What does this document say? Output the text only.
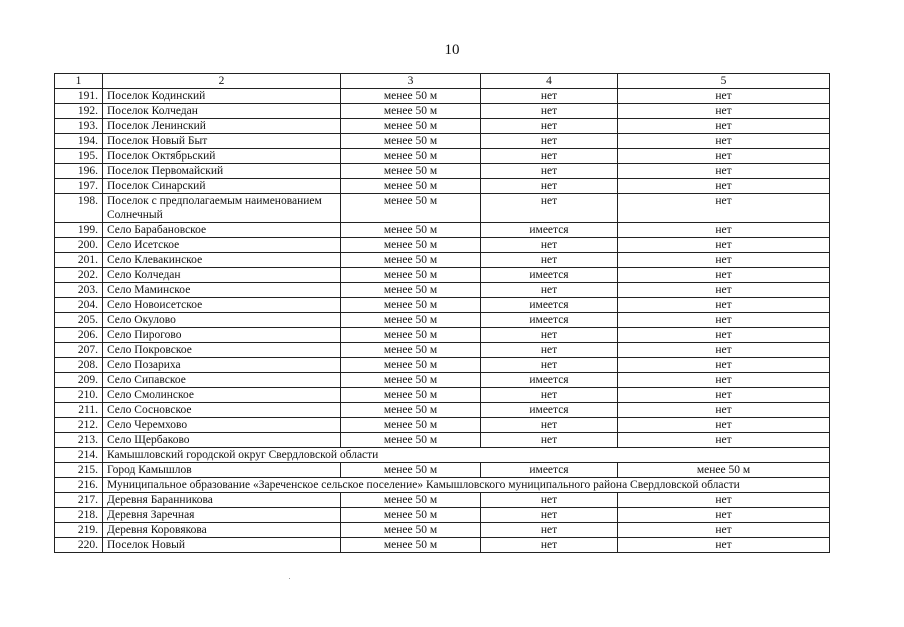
10
1	2	3	4	5
191.	Поселок Кодинский	менее 50 м	нет	нет
192.	Поселок Колчедан	менее 50 м	нет	нет
193.	Поселок Ленинский	менее 50 м	нет	нет
194.	Поселок Новый Быт	менее 50 м	нет	нет
195.	Поселок Октябрьский	менее 50 м	нет	нет
196.	Поселок Первомайский	менее 50 м	нет	нет
197.	Поселок Синарский	менее 50 м	нет	нет
198.	Поселок с предполагаемым наименованием Солнечный	менее 50 м	нет	нет
199.	Село Барабановское	менее 50 м	имеется	нет
200.	Село Исетское	менее 50 м	нет	нет
201.	Село Клевакинское	менее 50 м	нет	нет
202.	Село Колчедан	менее 50 м	имеется	нет
203.	Село Маминское	менее 50 м	нет	нет
204.	Село Новоисетское	менее 50 м	имеется	нет
205.	Село Окулово	менее 50 м	имеется	нет
206.	Село Пирогово	менее 50 м	нет	нет
207.	Село Покровское	менее 50 м	нет	нет
208.	Село Позариха	менее 50 м	нет	нет
209.	Село Сипавское	менее 50 м	имеется	нет
210.	Село Смолинское	менее 50 м	нет	нет
211.	Село Сосновское	менее 50 м	имеется	нет
212.	Село Черемхово	менее 50 м	нет	нет
213.	Село Щербаково	менее 50 м	нет	нет
214.	Камышловский городской округ Свердловской области			
215.	Город Камышлов	менее 50 м	имеется	менее 50 м
216.	Муниципальное образование «Зареченское сельское поселение» Камышловского муниципального района Свердловской области			
217.	Деревня Баранникова	менее 50 м	нет	нет
218.	Деревня Заречная	менее 50 м	нет	нет
219.	Деревня Коровякова	менее 50 м	нет	нет
220.	Поселок Новый	менее 50 м	нет	нет
